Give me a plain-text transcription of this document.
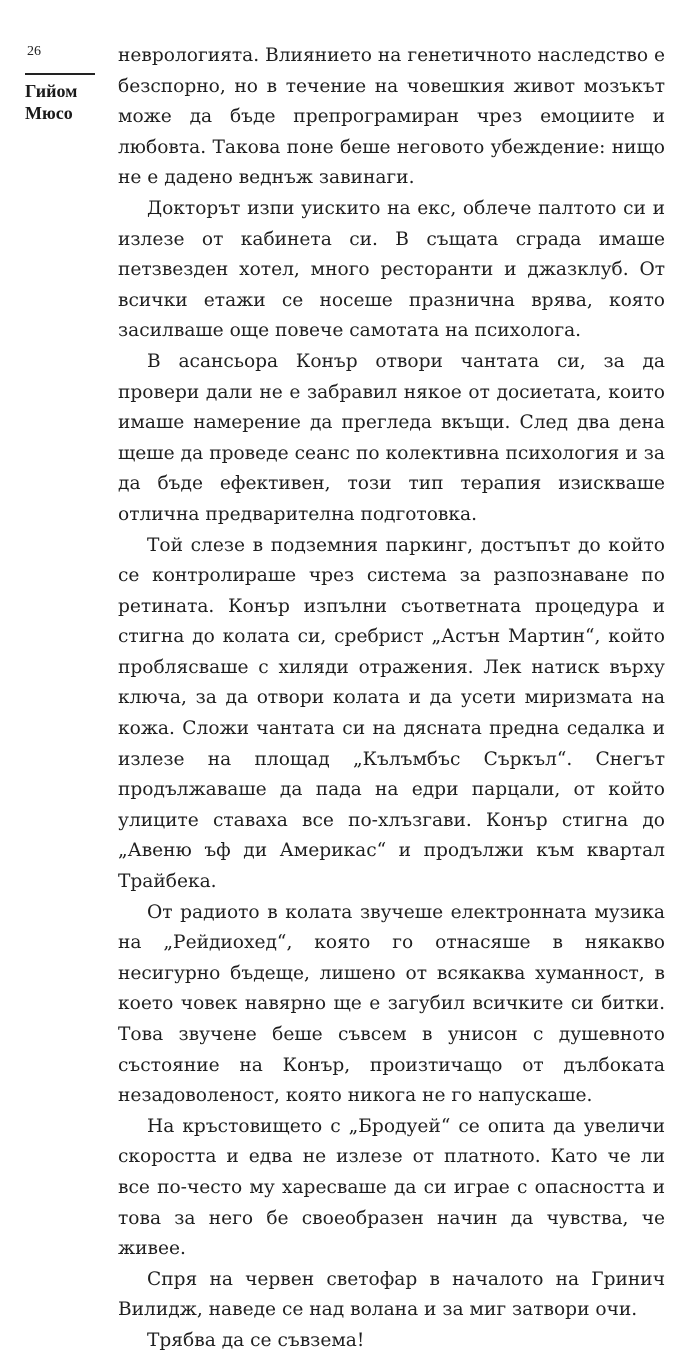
26
Гийом
Мюсо

неврологията. Влиянието на генетичното наследство е безспорно, но в течение на човешкия живот мозъкът може да бъде препрограмиран чрез емоциите и любовта. Такова поне беше неговото убеждение: нищо не е дадено веднъж завинаги.

Докторът изпи уискито на екс, облече палтото си и излезе от кабинета си. В същата сграда имаше петзвезден хотел, много ресторанти и джазклуб. От всички етажи се носеше празнична врява, която засилваше още повече самотата на психолога.

В асансьора Конър отвори чантата си, за да провери дали не е забравил някое от досиетата, които имаше намерение да прегледа вкъщи. След два дена щеше да проведе сеанс по колективна психология и за да бъде ефективен, този тип терапия изискваше отлична предварителна подготовка.

Той слезе в подземния паркинг, достъпът до който се контролираше чрез система за разпознаване по ретината. Конър изпълни съответната процедура и стигна до колата си, сребрист „Астън Мартин“, който проблясваше с хиляди отражения. Лек натиск върху ключа, за да отвори колата и да усети миризмата на кожа. Сложи чантата си на дясната предна седалка и излезе на площад „Кълъмбъс Съркъл“. Снегът продължаваше да пада на едри парцали, от който улиците ставаха все по-хлъзгави. Конър стигна до „Авеню ъф ди Америкас“ и продължи към квартал Трайбека.

От радиото в колата звучеше електронната музика на „Рейдиохед“, която го отнасяше в някакво несигурно бъдеще, лишено от всякаква хуманност, в което човек навярно ще е загубил всичките си битки. Това звучене беше съвсем в унисон с душевното състояние на Конър, произтичащо от дълбоката незадоволеност, която никога не го напускаше.

На кръстовището с „Бродуей“ се опита да увеличи скоростта и едва не излезе от платното. Като че ли все по-често му харесваше да си играе с опасността и това за него бе своеобразен начин да чувства, че живее.

Спря на червен светофар в началото на Гринич Вилидж, наведе се над волана и за миг затвори очи.

Трябва да се съвзема!
